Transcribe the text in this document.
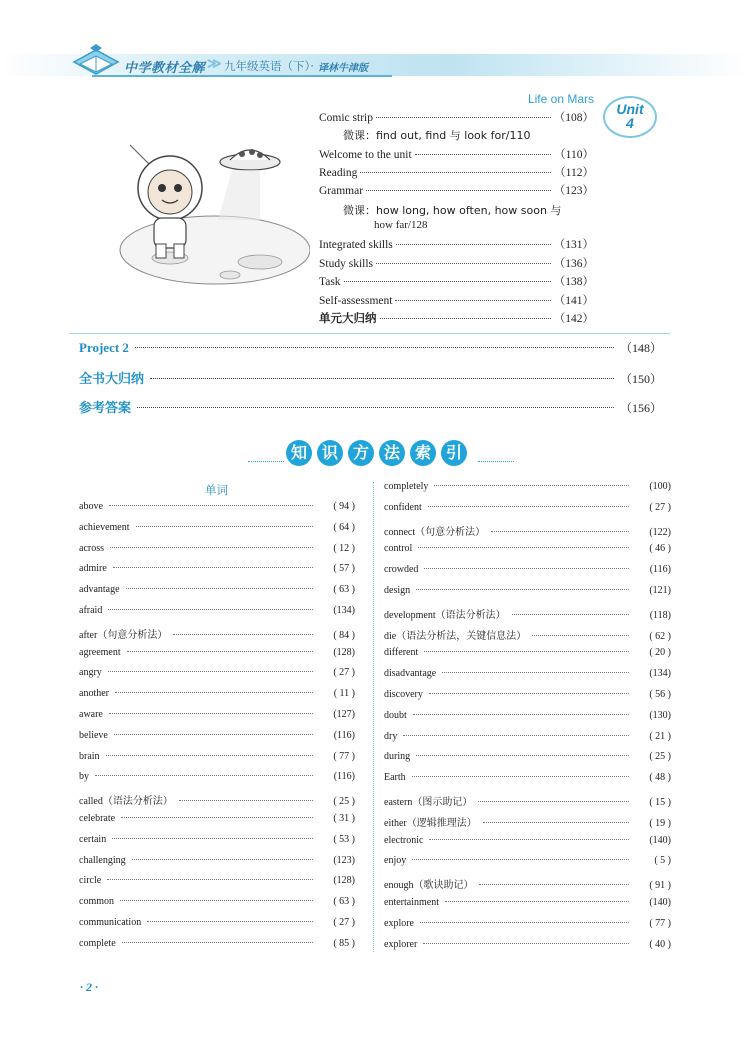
中学教材全解 ≫ 九年级英语（下）· 译林牛津版
Life on Mars
Unit
4
Comic strip	（108）
微课：find out, find 与 look for/110
Welcome to the unit	（110）
Reading	（112）
Grammar	（123）
微课：how long, how often, how soon 与
how far/128
Integrated skills	（131）
Study skills	（136）
Task	（138）
Self-assessment	（141）
单元大归纳	（142）
Project 2	（148）
全书大归纳	（150）
参考答案	（156）
知 识 方 法 索 引
单词
above	( 94 )
achievement	( 64 )
across	( 12 )
admire	( 57 )
advantage	( 63 )
afraid	(134)
after（句意分析法）	( 84 )
agreement	(128)
angry	( 27 )
another	( 11 )
aware	(127)
believe	(116)
brain	( 77 )
by	(116)
called（语法分析法）	( 25 )
celebrate	( 31 )
certain	( 53 )
challenging	(123)
circle	(128)
common	( 63 )
communication	( 27 )
complete	( 85 )
completely	(100)
confident	( 27 )
connect（句意分析法）	(122)
control	( 46 )
crowded	(116)
design	(121)
development（语法分析法）	(118)
die（语法分析法，关键信息法）	( 62 )
different	( 20 )
disadvantage	(134)
discovery	( 56 )
doubt	(130)
dry	( 21 )
during	( 25 )
Earth	( 48 )
eastern（图示助记）	( 15 )
either（逻辑推理法）	( 19 )
electronic	(140)
enjoy	( 5 )
enough（歌诀助记）	( 91 )
entertainment	(140)
explore	( 77 )
explorer	( 40 )
· 2 ·
